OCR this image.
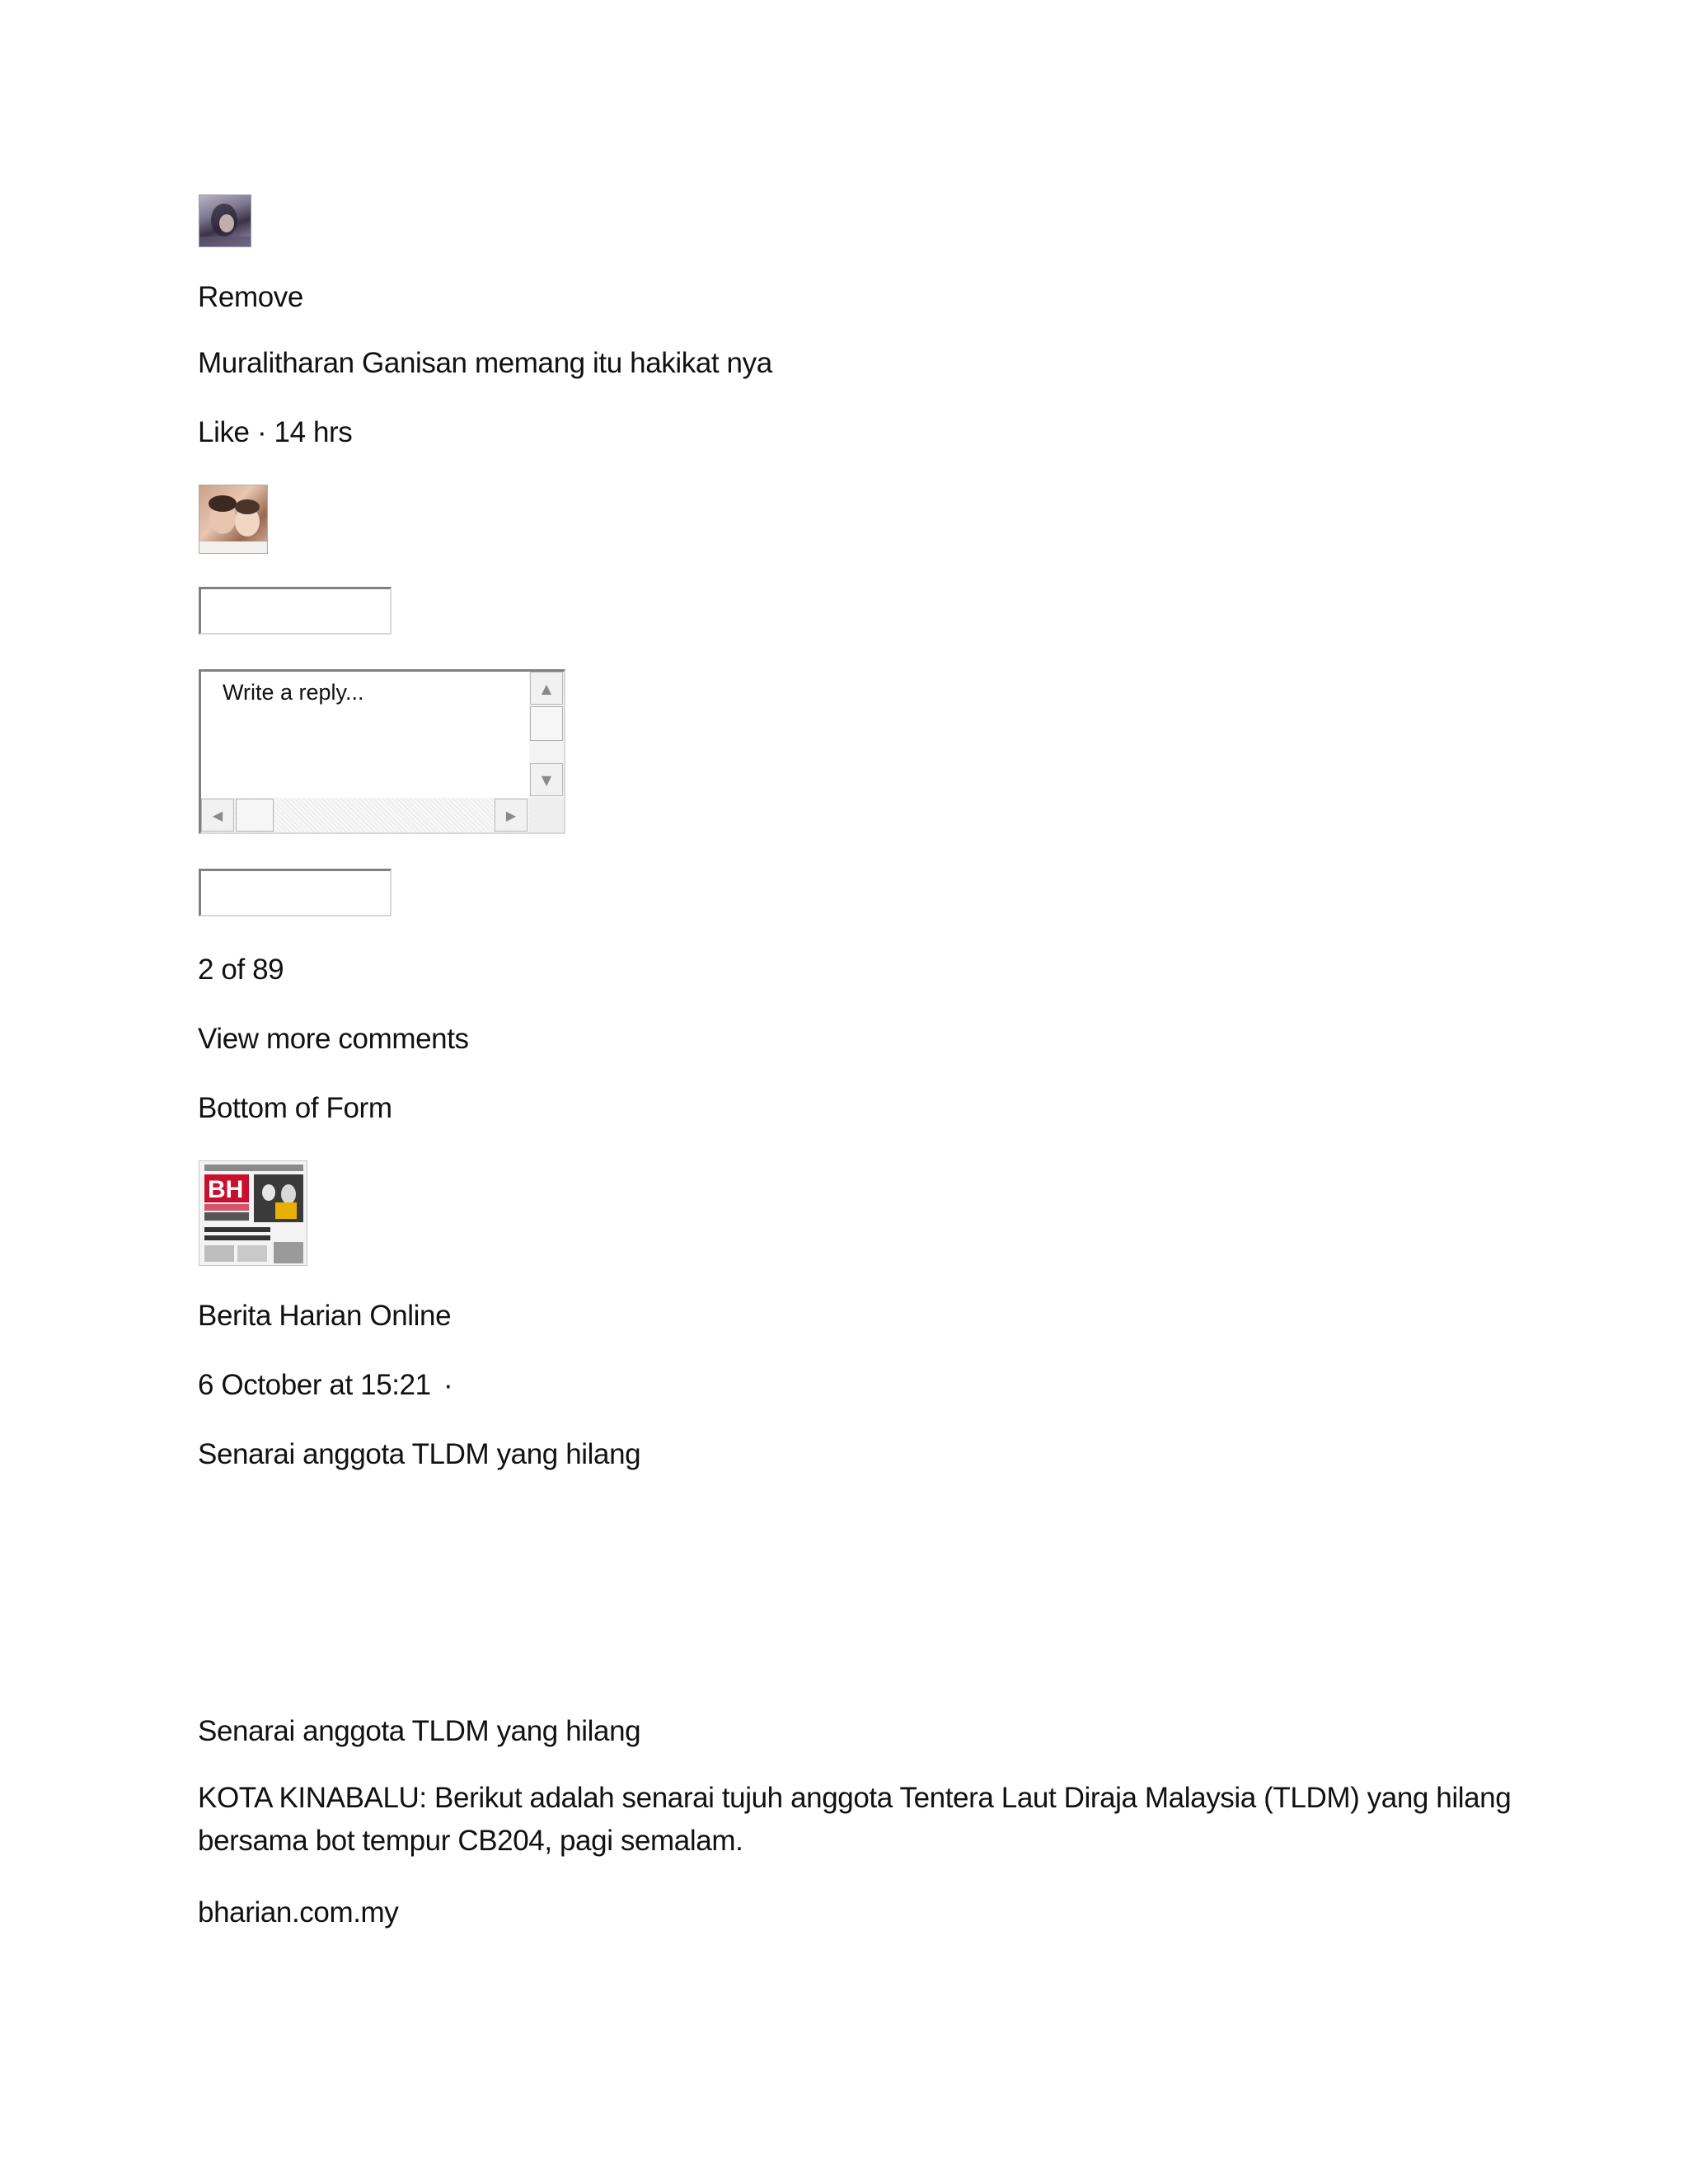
Remove
Muralitharan Ganisan memang itu hakikat nya
Like · 14 hrs
Write a reply...	▲
▼
◀	▶
2 of 89
View more comments
Bottom of Form
BH
Berita Harian Online
6 October at 15:21 ·
Senarai anggota TLDM yang hilang
Senarai anggota TLDM yang hilang
KOTA KINABALU: Berikut adalah senarai tujuh anggota Tentera Laut Diraja Malaysia (TLDM) yang hilang bersama bot tempur CB204, pagi semalam.
bharian.com.my
